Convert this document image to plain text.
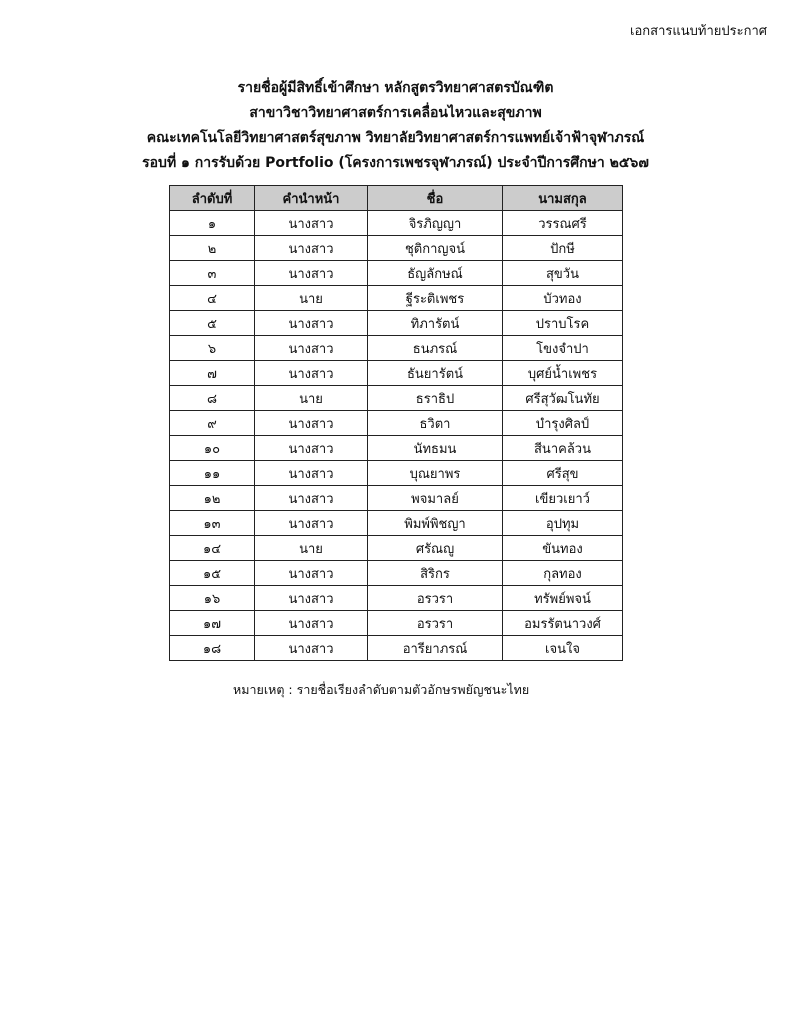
เอกสารแนบท้ายประกาศ
รายชื่อผู้มีสิทธิ์เข้าศึกษา หลักสูตรวิทยาศาสตรบัณฑิต
สาขาวิชาวิทยาศาสตร์การเคลื่อนไหวและสุขภาพ
คณะเทคโนโลยีวิทยาศาสตร์สุขภาพ วิทยาลัยวิทยาศาสตร์การแพทย์เจ้าฟ้าจุฬาภรณ์
รอบที่ ๑ การรับด้วย Portfolio (โครงการเพชรจุฬาภรณ์) ประจำปีการศึกษา ๒๕๖๗
ลำดับที่	คำนำหน้า	ชื่อ	นามสกุล
๑	นางสาว	จิรภิญญา	วรรณศรี
๒	นางสาว	ชุติกาญจน์	ปักษี
๓	นางสาว	ธัญลักษณ์	สุขวัน
๔	นาย	ฐีระติเพชร	บัวทอง
๕	นางสาว	ทิภารัตน์	ปราบโรค
๖	นางสาว	ธนภรณ์	โขงจำปา
๗	นางสาว	ธันยารัตน์	บุศย์น้ำเพชร
๘	นาย	ธราธิป	ศรีสุวัฒโนทัย
๙	นางสาว	ธวิตา	บำรุงศิลป์
๑๐	นางสาว	นัทธมน	สีนาคล้วน
๑๑	นางสาว	บุณยาพร	ศรีสุข
๑๒	นางสาว	พจมาลย์	เขียวเยาว์
๑๓	นางสาว	พิมพ์พิชญา	อุปทุม
๑๔	นาย	ศรัณญู	ขันทอง
๑๕	นางสาว	สิริกร	กุลทอง
๑๖	นางสาว	อรวรา	ทรัพย์พจน์
๑๗	นางสาว	อรวรา	อมรรัตนาวงศ์
๑๘	นางสาว	อารียาภรณ์	เจนใจ
หมายเหตุ : รายชื่อเรียงลำดับตามตัวอักษรพยัญชนะไทย
